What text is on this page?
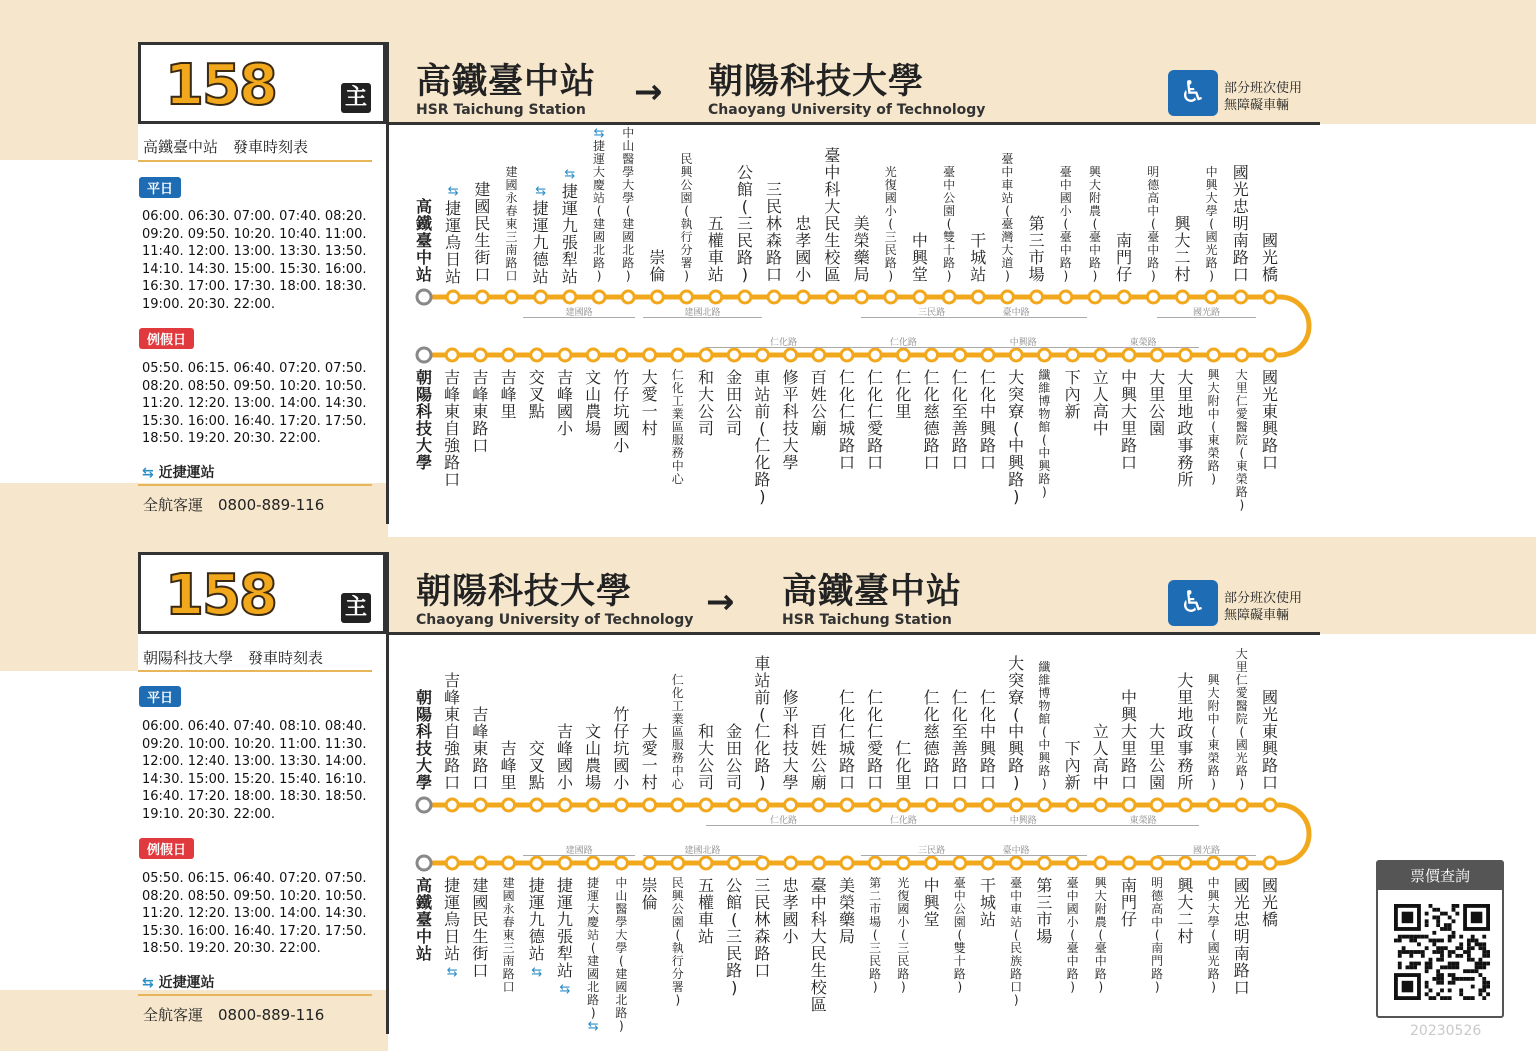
158	主 高鐵臺中站
HSR Taichung Station → 朝陽科技大學
Chaoyang University of Technology	♿	部分班次使用
無障礙車輛
高鐵臺中站　發車時刻表
平日
06:00. 06:30. 07:00. 07:40. 08:20.
09:20. 09:50. 10:20. 10:40. 11:00.
11:40. 12:00. 13:00. 13:30. 13:50.
14:10. 14:30. 15:00. 15:30. 16:00.
16:30. 17:00. 17:30. 18:00. 18:30.
19:00. 20:30. 22:00.
例假日
05:50. 06:15. 06:40. 07:20. 07:50.
08:20. 08:50. 09:50. 10:20. 10:50.
11:20. 12:20. 13:00. 14:00. 14:30.
15:30. 16:00. 16:40. 17:20. 17:50.
18:50. 19:20. 20:30. 22:00.
⇆ 近捷運站
全航客運　0800-889-116
高鐵臺中站
⇆捷運烏日站
建國民生街口
建國永春東三南路口
⇆捷運九德站
⇆捷運九張犁站
⇆捷運大慶站(建國北路)
中山醫學大學(建國北路)
崇倫
民興公園(執行分署)
五權車站
公館(三民路)
三民林森路口
忠孝國小
臺中科大民生校區
美榮藥局
光復國小(三民路)
中興堂
臺中公園(雙十路)
干城站
臺中車站(臺灣大道)
第三市場
臺中國小(臺中路)
興大附農(臺中路)
南門仔
明德高中(臺中路)
興大二村
中興大學(國光路)
國光忠明南路口
國光橋
朝陽科技大學
吉峰東自強路口
吉峰東路口
吉峰里
交叉點
吉峰國小
文山農場
竹仔坑國小
大愛一村
仁化工業區服務中心
和大公司
金田公司
車站前(仁化路)
修平科技大學
百姓公廟
仁化仁城路口
仁化仁愛路口
仁化里
仁化慈德路口
仁化至善路口
仁化中興路口
大突寮(中興路)
纖維博物館(中興路)
下內新
立人高中
中興大里路口
大里公園
大里地政事務所
興大附中(東榮路)
大里仁愛醫院(東榮路)
國光東興路口
建國路	建國北路	三民路	臺中路	國光路
仁化路	仁化路	中興路	東榮路
158	主 朝陽科技大學
Chaoyang University of Technology → 高鐵臺中站
HSR Taichung Station	♿	部分班次使用
無障礙車輛
朝陽科技大學　發車時刻表
平日
06:00. 06:40. 07:40. 08:10. 08:40.
09:20. 10:00. 10:20. 11:00. 11:30.
12:00. 12:40. 13:00. 13:30. 14:00.
14:30. 15:00. 15:20. 15:40. 16:10.
16:40. 17:20. 18:00. 18:30. 18:50.
19:10. 20:30. 22:00.
例假日
05:50. 06:15. 06:40. 07:20. 07:50.
08:20. 08:50. 09:50. 10:20. 10:50.
11:20. 12:20. 13:00. 14:00. 14:30.
15:30. 16:00. 16:40. 17:20. 17:50.
18:50. 19:20. 20:30. 22:00.
⇆ 近捷運站
全航客運　0800-889-116
朝陽科技大學
吉峰東自強路口
吉峰東路口
吉峰里
交叉點
吉峰國小
文山農場
竹仔坑國小
大愛一村
仁化工業區服務中心
和大公司
金田公司
車站前(仁化路)
修平科技大學
百姓公廟
仁化仁城路口
仁化仁愛路口
仁化里
仁化慈德路口
仁化至善路口
仁化中興路口
大突寮(中興路)
纖維博物館(中興路)
下內新
立人高中
中興大里路口
大里公園
大里地政事務所
興大附中(東榮路)
大里仁愛醫院(國光路)
國光東興路口
高鐵臺中站
捷運烏日站⇆
建國民生街口
建國永春東三南路口
捷運九德站⇆
捷運九張犁站⇆
捷運大慶站(建國北路)⇆
中山醫學大學(建國北路)
崇倫
民興公園(執行分署)
五權車站
公館(三民路)
三民林森路口
忠孝國小
臺中科大民生校區
美榮藥局
第二市場(三民路)
光復國小(三民路)
中興堂
臺中公園(雙十路)
干城站
臺中車站(民族路口)
第三市場
臺中國小(臺中路)
興大附農(臺中路)
南門仔
明德高中(南門路)
興大二村
中興大學(國光路)
國光忠明南路口
國光橋
仁化路	仁化路	中興路	東榮路
建國路	建國北路	三民路	臺中路	國光路
票價查詢
20230526
